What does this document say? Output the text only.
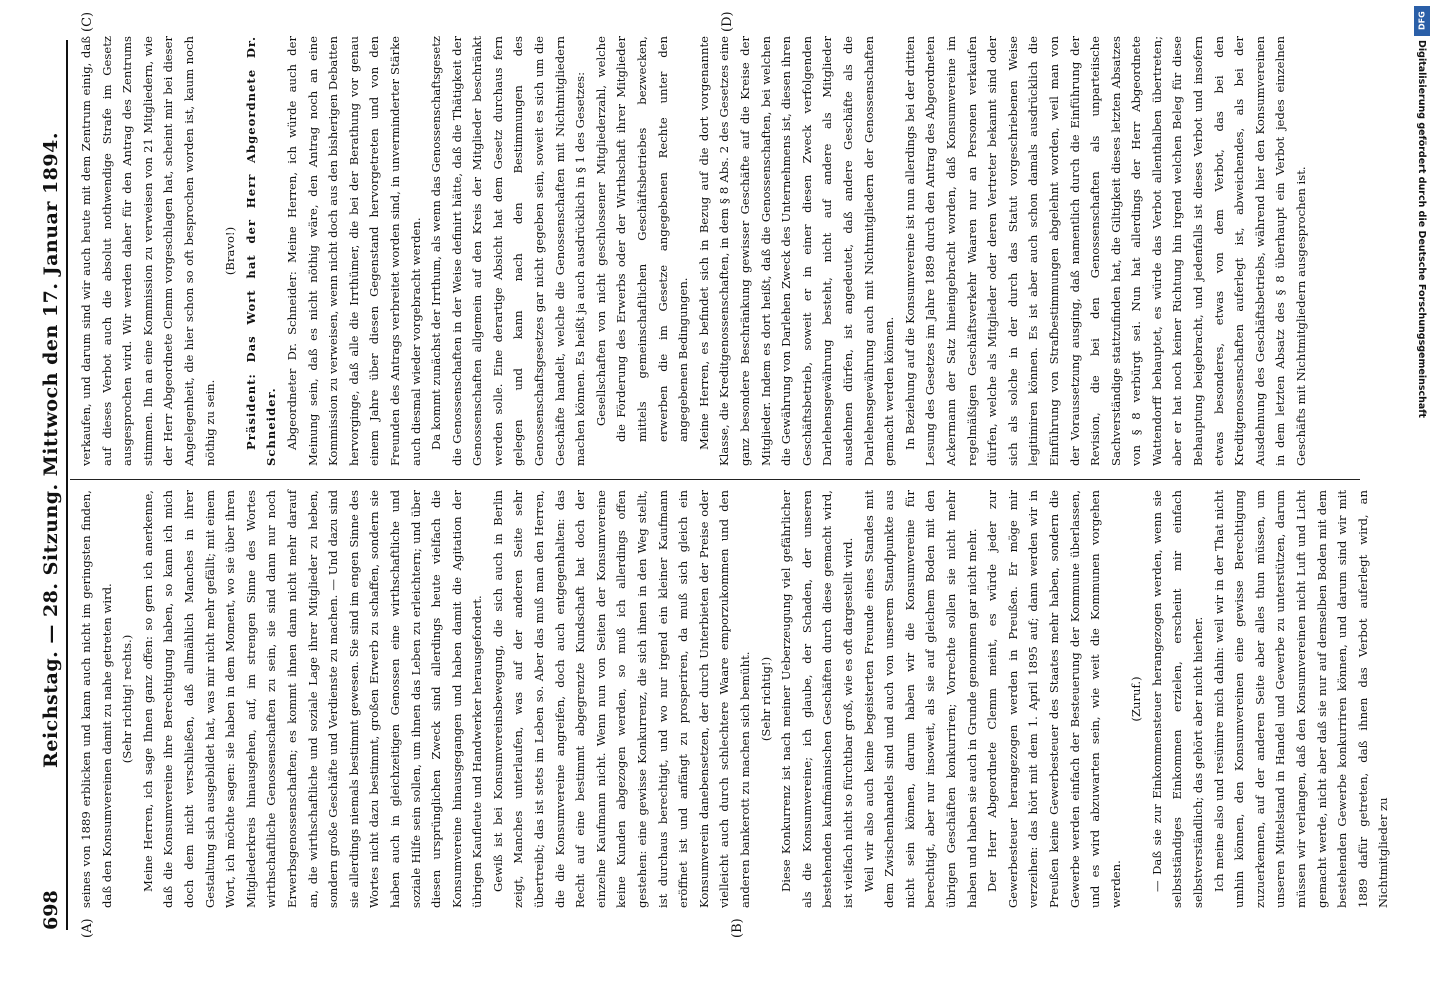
698
Reichstag. — 28. Sitzung. Mittwoch den 17. Januar 1894.
(A)	(B)
(C)	(D)

seines von 1889 erblicken und kann auch nicht im geringsten finden, daß den Konsumvereinen damit zu nahe getreten wird. (Sehr richtig! rechts.) Meine Herren, ich sage Ihnen ganz offen: so gern ich anerkenne, daß die Konsumvereine ihre Berechtigung haben, so kann ich mich doch dem nicht verschließen, daß allmählich Manches in ihrer Gestaltung sich ausgebildet hat, was mir nicht mehr gefällt; mit einem Wort, ich möchte sagen: sie haben in dem Moment, wo sie über ihren Mitgliederkreis hinausgehen, auf, im strengen Sinne des Wortes wirthschaftliche Genossenschaften zu sein, sie sind dann nur noch Erwerbsgenossenschaften; es kommt ihnen dann nicht mehr darauf an, die wirthschaftliche und soziale Lage ihrer Mitglieder zu heben, sondern große Geschäfte und Verdienste zu machen. — Und dazu sind sie allerdings niemals bestimmt gewesen. Sie sind im engen Sinne des Wortes nicht dazu bestimmt, großen Erwerb zu schaffen, sondern sie haben auch in gleichzeitigen Genossen eine wirthschaftliche und soziale Hilfe sein sollen, um ihnen das Leben zu erleichtern; und über diesen ursprünglichen Zweck sind allerdings heute vielfach die Konsumvereine hinausgegangen und haben damit die Agitation der übrigen Kaufleute und Handwerker herausgefordert. Gewiß ist bei Konsumvereinsbewegung, die sich auch in Berlin zeigt, Manches unterlaufen, was auf der anderen Seite sehr übertreibt; das ist stets im Leben so. Aber das muß man den Herren, die die Konsumvereine angreifen, doch auch entgegenhalten: das Recht auf eine bestimmt abgegrenzte Kundschaft hat doch der einzelne Kaufmann nicht. Wenn nun von Seiten der Konsumvereine keine Kunden abgezogen werden, so muß ich allerdings offen gestehen: eine gewisse Konkurrenz, die sich ihnen in den Weg stellt, ist durchaus berechtigt, und wo nur irgend ein kleiner Kaufmann eröffnet ist und anfängt zu prosperiren, da muß sich gleich ein Konsumverein danebensetzen, der durch Unterbieten der Preise oder vielleicht auch durch schlechtere Waare emporzukommen und den anderen bankerott zu machen sich bemüht. (Sehr richtig!) Diese Konkurrenz ist nach meiner Ueberzeugung viel gefährlicher als die Konsumvereine; ich glaube, der Schaden, der unseren bestehenden kaufmännischen Geschäften durch diese gemacht wird, ist vielfach nicht so fürchtbar groß, wie es oft dargestellt wird. Weil wir also auch keine begeisterten Freunde eines Standes mit dem Zwischenhandels sind und auch von unserem Standpunkte aus nicht sein können, darum haben wir die Konsumvereine für berechtigt, aber nur insoweit, als sie auf gleichem Boden mit den übrigen Geschäften konkurriren; Vorrechte sollen sie nicht mehr haben und haben sie auch in Grunde genommen gar nicht mehr. Der Herr Abgeordnete Clemm meint, es würde jeder zur Gewerbesteuer herangezogen werden in Preußen. Er möge mir verzeihen: das hört mit dem 1. April 1895 auf; dann werden wir in Preußen keine Gewerbesteuer des Staates mehr haben, sondern die Gewerbe werden einfach der Besteuerung der Kommune überlassen, und es wird abzuwarten sein, wie weit die Kommunen vorgehen werden.

(Zuruf.) — Daß sie zur Einkommensteuer herangezogen werden, wenn sie selbstständiges Einkommen erzielen, erscheint mir einfach selbstverständlich; das gehört aber nicht hierher. Ich meine also und resümire mich dahin: weil wir in der That nicht umhin können, den Konsumvereinen eine gewisse Berechtigung zuzuerkennen, auf der anderen Seite aber alles thun müssen, um unseren Mittelstand in Handel und Gewerbe zu unterstützen, darum müssen wir verlangen, daß den Konsumvereinen nicht Luft und Licht gemacht werde, nicht aber daß sie nur auf demselben Boden mit dem bestehenden Gewerbe konkurriren können, und darum sind wir mit 1889 dafür getreten, daß ihnen das Verbot auferlegt wird, an Nichtmitglieder zu

verkaufen, und darum sind wir auch heute mit dem Zentrum einig, daß auf dieses Verbot auch die absolut nothwendige Strafe im Gesetz ausgesprochen wird. Wir werden daher für den Antrag des Zentrums stimmen. Ihn an eine Kommission zu verweisen von 21 Mitgliedern, wie der Herr Abgeordnete Clemm vorgeschlagen hat, scheint mir bei dieser Angelegenheit, die hier schon so oft besprochen worden ist, kaum noch nöthig zu sein.

(Bravo!) Präsident: Das Wort hat der Herr Abgeordnete Dr. Schneider. Abgeordneter Dr. Schneider: Meine Herren, ich würde auch der Meinung sein, daß es nicht nöthig wäre, den Antrag noch an eine Kommission zu verweisen, wenn nicht doch aus den bisherigen Debatten hervorginge, daß alle die Irrthümer, die bei der Berathung vor genau einem Jahre über diesen Gegenstand hervorgetreten und von den Freunden des Antrags verbreitet worden sind, in unverminderter Stärke auch diesmal wieder vorgebracht werden. Da kommt zunächst der Irrthum, als wenn das Genossenschaftsgesetz die Genossenschaften in der Weise definirt hätte, daß die Thätigkeit der Genossenschaften allgemein auf den Kreis der Mitglieder beschränkt werden solle. Eine derartige Absicht hat dem Gesetz durchaus fern gelegen und kann nach den Bestimmungen des Genossenschaftsgesetzes gar nicht gegeben sein, soweit es sich um die Geschäfte handelt, welche die Genossenschaften mit Nichtmitgliedern machen können. Es heißt ja auch ausdrücklich in § 1 des Gesetzes: Gesellschaften von nicht geschlossener Mitgliederzahl, welche die Förderung des Erwerbs oder der Wirthschaft ihrer Mitglieder mittels gemeinschaftlichen Geschäftsbetriebes bezwecken, erwerben die im Gesetze angegebenen Rechte unter den angegebenen Bedingungen. Meine Herren, es befindet sich in Bezug auf die dort vorgenannte Klasse, die Kreditgenossenschaften, in dem § 8 Abs. 2 des Gesetzes eine ganz besondere Beschränkung gewisser Geschäfte auf die Kreise der Mitglieder. Indem es dort heißt, daß die Genossenschaften, bei welchen die Gewährung von Darlehen Zweck des Unternehmens ist, diesen ihren Geschäftsbetrieb, soweit er in einer diesen Zweck verfolgenden Darlehensgewährung besteht, nicht auf andere als Mitglieder ausdehnen dürfen, ist angedeutet, daß andere Geschäfte als die Darlehensgewährung auch mit Nichtmitgliedern der Genossenschaften gemacht werden können. In Beziehung auf die Konsumvereine ist nun allerdings bei der dritten Lesung des Gesetzes im Jahre 1889 durch den Antrag des Abgeordneten Ackermann der Satz hineingebracht worden, daß Konsumvereine im regelmäßigen Geschäftsverkehr Waaren nur an Personen verkaufen dürfen, welche als Mitglieder oder deren Vertreter bekannt sind oder sich als solche in der durch das Statut vorgeschriebenen Weise legitimiren können. Es ist aber auch schon damals ausdrücklich die Einführung von Strafbestimmungen abgelehnt worden, weil man von der Voraussetzung ausging, daß namentlich durch die Einführung der Revision, die bei den Genossenschaften als unparteiische Sachverständige stattzufinden hat, die Giltigkeit dieses letzten Absatzes von § 8 verbürgt sei. Nun hat allerdings der Herr Abgeordnete Wattendorff behauptet, es würde das Verbot allenthalben übertreten; aber er hat noch keiner Richtung hin irgend welchen Beleg für diese Behauptung beigebracht, und jedenfalls ist dieses Verbot und insofern etwas besonderes, etwas von dem Verbot, das bei den Kreditgenossenschaften auferlegt ist, abweichendes, als bei der Ausdehnung des Geschäftsbetriebs, während hier den Konsumvereinen in dem letzten Absatz des § 8 überhaupt ein Verbot jedes einzelnen Geschäfts mit Nichtmitgliedern ausgesprochen ist.

DFG
Digitalisierung gefördert durch die Deutsche Forschungsgemeinschaft
